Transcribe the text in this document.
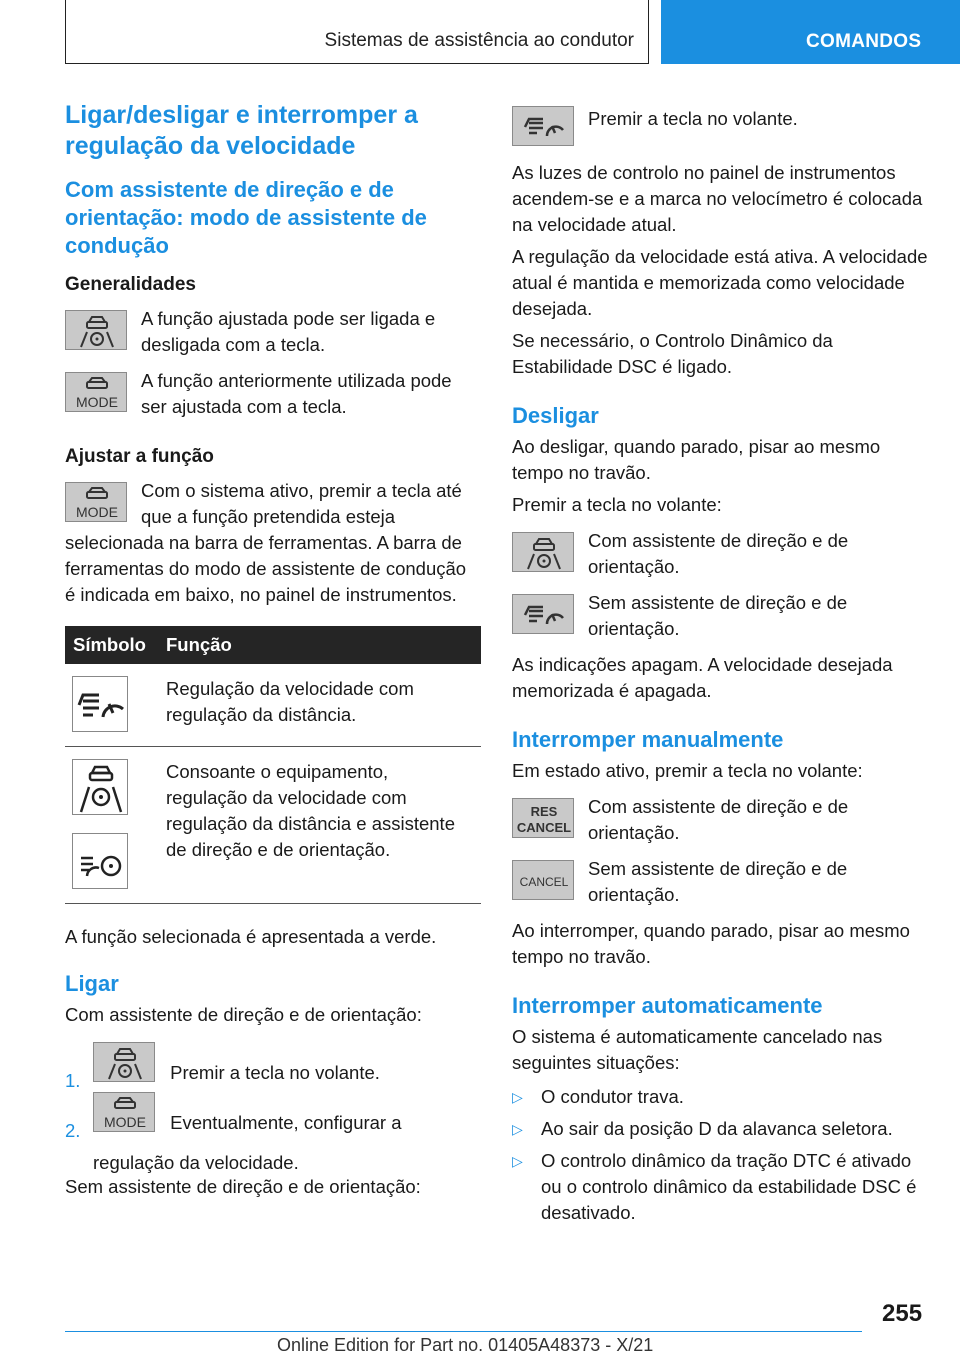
Sistemas de assistência ao condutor	COMANDOS
Ligar/desligar e interromper a regulação da velocidade
Com assistente de direção e de orientação: modo de assistente de condução
Generalidades

A função ajustada pode ser ligada e desligada com a tecla.

MODE

A função anteriormente utilizada pode ser ajustada com a tecla.

Ajustar a função
MODE

Com o sistema ativo, premir a tecla até que a função pretendida esteja selecionada na barra de ferramentas. A barra de ferramentas do modo de assistente de condução é indicada em baixo, no painel de instrumentos.

Símbolo	Função

	Regulação da velocidade com regulação da distância.

	Consoante o equipamento, regulação da velocidade com regulação da distância e assistente de direção e de orientação.

A função selecionada é apresentada a verde.

Ligar

Com assistente de direção e de orientação:

1.	Premir a tecla no volante.
2. MODE Eventualmente, configurar a regulação da velocidade.

Sem assistente de direção e de orientação:

Premir a tecla no volante.

As luzes de controlo no painel de instrumentos acendem-se e a marca no velocímetro é colocada na velocidade atual.

A regulação da velocidade está ativa. A velocidade atual é mantida e memorizada como velocidade desejada.

Se necessário, o Controlo Dinâmico da Estabilidade DSC é ligado.

Desligar

Ao desligar, quando parado, pisar ao mesmo tempo no travão.

Premir a tecla no volante:

Com assistente de direção e de orientação.

Sem assistente de direção e de orientação.

As indicações apagam. A velocidade desejada memorizada é apagada.

Interromper manualmente

Em estado ativo, premir a tecla no volante:

RES
CANCEL

Com assistente de direção e de orientação.

CANCEL

Sem assistente de direção e de orientação.

Ao interromper, quando parado, pisar ao mesmo tempo no travão.

Interromper automaticamente

O sistema é automaticamente cancelado nas seguintes situações:

▷ O condutor trava.
▷ Ao sair da posição D da alavanca seletora.
▷ O controlo dinâmico da tração DTC é ativado ou o controlo dinâmico da estabilidade DSC é desativado.
255
Online Edition for Part no. 01405A48373 - X/21
